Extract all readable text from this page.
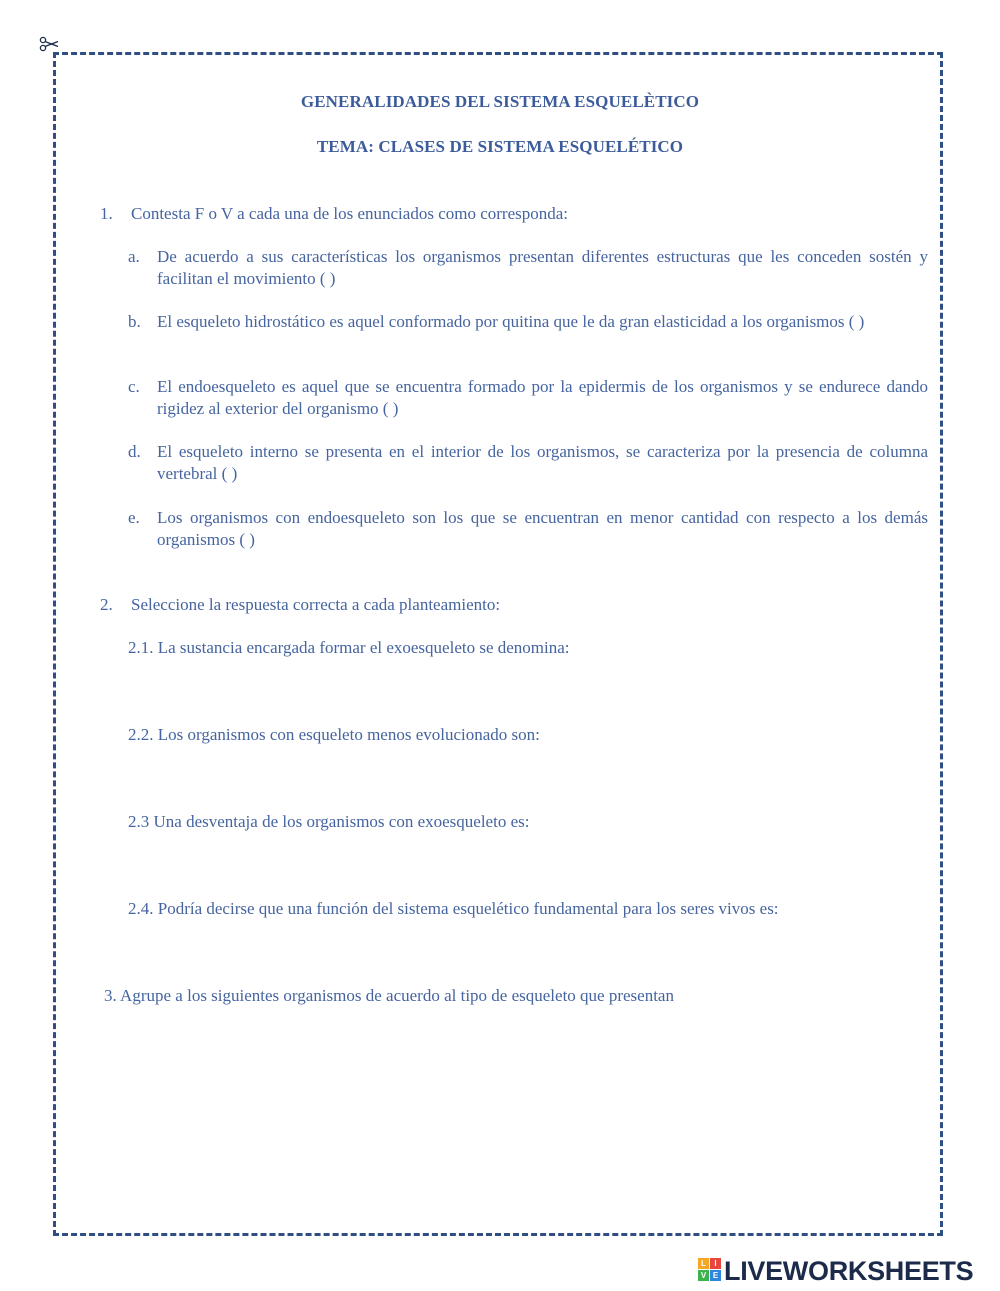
GENERALIDADES DEL SISTEMA ESQUELÈTICO
TEMA: CLASES DE SISTEMA ESQUELÉTICO
1. Contesta F o V a cada una de los enunciados como corresponda:
a. De acuerdo a sus características los organismos presentan diferentes estructuras que les conceden sostén y facilitan el movimiento ( )
b. El esqueleto hidrostático es aquel conformado por quitina que le da gran elasticidad a los organismos ( )
c. El endoesqueleto es aquel que se encuentra formado por la epidermis de los organismos y se endurece dando rigidez al exterior del organismo ( )
d. El esqueleto interno se presenta en el interior de los organismos, se caracteriza por la presencia de columna vertebral ( )
e. Los organismos con endoesqueleto son los que se encuentran en menor cantidad con respecto a los demás organismos ( )
2. Seleccione la respuesta correcta a cada planteamiento:
2.1. La sustancia encargada formar el exoesqueleto se denomina:
2.2. Los organismos con esqueleto menos evolucionado son:
2.3 Una desventaja de los organismos con exoesqueleto es:
2.4. Podría decirse que una función del sistema esquelético fundamental para los seres vivos es:
3. Agrupe a los siguientes organismos de acuerdo al tipo de esqueleto que presentan
L	I
V E LIVEWORKSHEETS
